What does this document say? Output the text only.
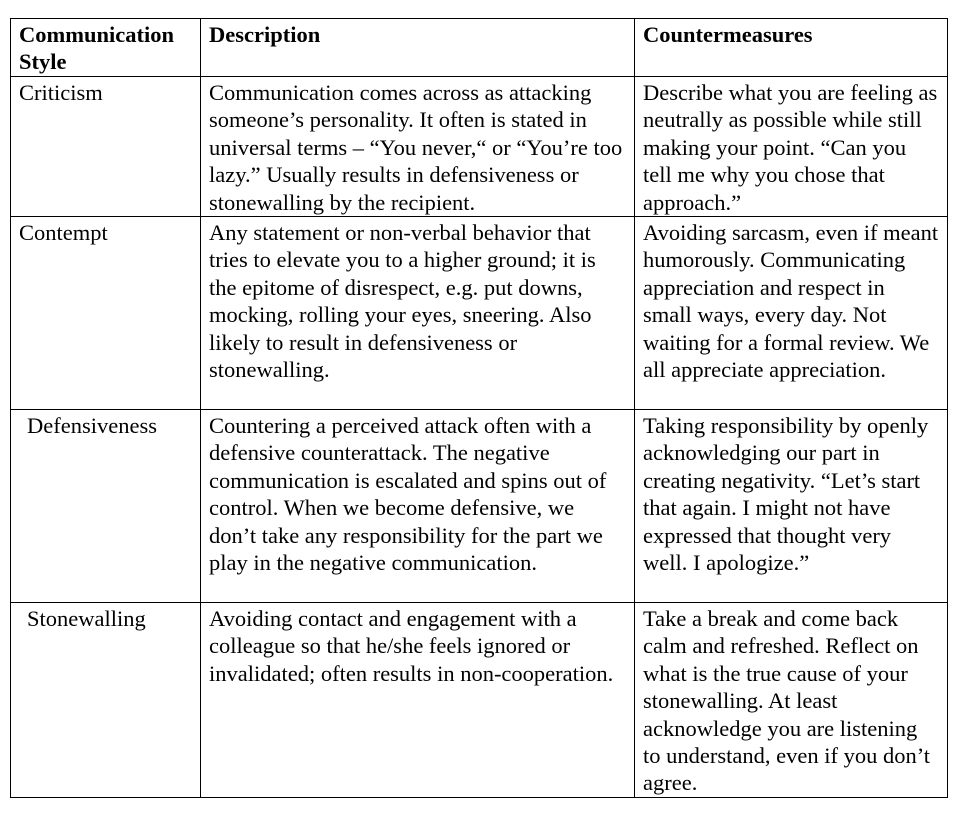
Communication Style	Description	Countermeasures
Criticism	Communication comes across as attacking someone’s personality. It often is stated in universal terms – “You never,“ or “You’re too lazy.” Usually results in defensiveness or stonewalling by the recipient.	Describe what you are feeling as neutrally as possible while still making your point. “Can you tell me why you chose that approach.”
Contempt	Any statement or non-verbal behavior that tries to elevate you to a higher ground; it is the epitome of disrespect, e.g. put downs, mocking, rolling your eyes, sneering. Also likely to result in defensiveness or stonewalling.	Avoiding sarcasm, even if meant humorously. Communicating appreciation and respect in small ways, every day. Not waiting for a formal review. We all appreciate appreciation.
Defensiveness	Countering a perceived attack often with a defensive counterattack. The negative communication is escalated and spins out of control. When we become defensive, we don’t take any responsibility for the part we play in the negative communication.	Taking responsibility by openly acknowledging our part in creating negativity. “Let’s start that again. I might not have expressed that thought very well. I apologize.”
Stonewalling	Avoiding contact and engagement with a colleague so that he/she feels ignored or invalidated; often results in non-cooperation.	Take a break and come back calm and refreshed. Reflect on what is the true cause of your stonewalling. At least acknowledge you are listening to understand, even if you don’t agree.
